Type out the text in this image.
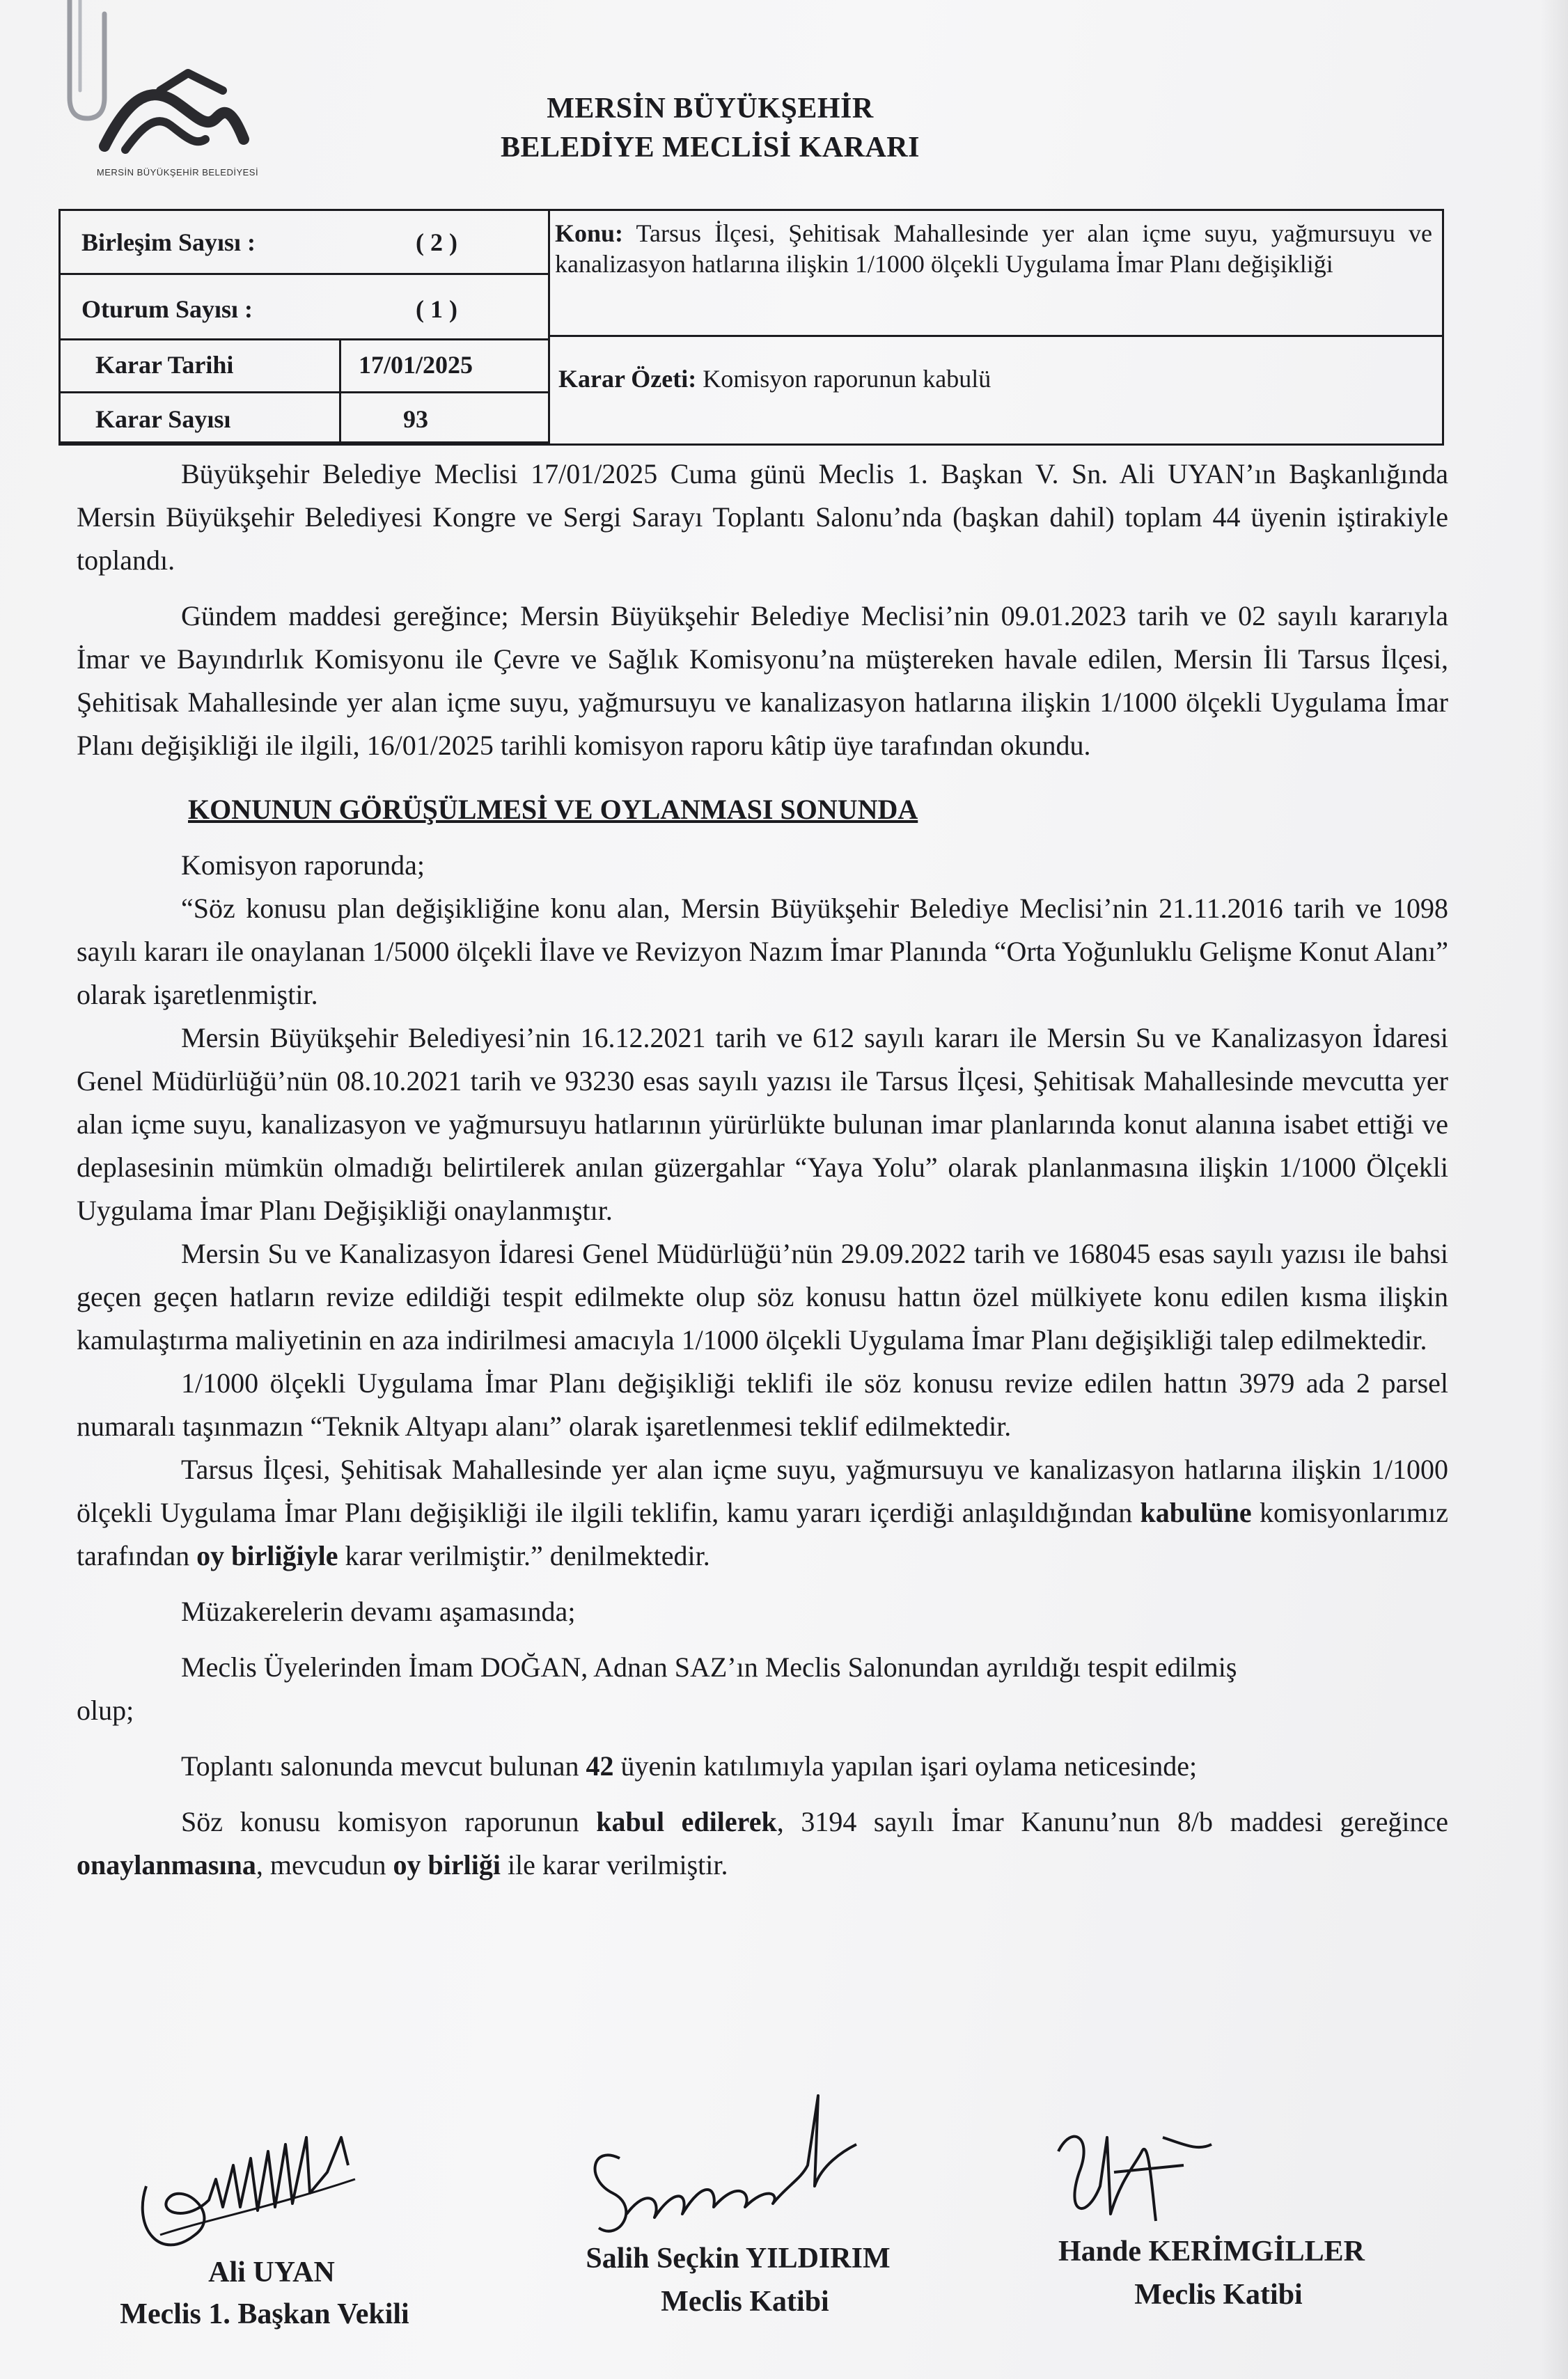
MERSİN BÜYÜKŞEHİR BELEDİYESİ
MERSİN BÜYÜKŞEHİR
BELEDİYE MECLİSİ KARARI
Birleşim Sayısı :	( 2 )
Oturum Sayısı :	( 1 )
Karar Tarihi	17/01/2025
Karar Sayısı	93
Konu: Tarsus İlçesi, Şehitisak Mahallesinde yer alan içme suyu, yağmursuyu ve kanalizasyon hatlarına ilişkin 1/1000 ölçekli Uygulama İmar Planı değişikliği
Karar Özeti: Komisyon raporunun kabulü

Büyükşehir Belediye Meclisi 17/01/2025 Cuma günü Meclis 1. Başkan V. Sn. Ali UYAN’ın Başkanlığında Mersin Büyükşehir Belediyesi Kongre ve Sergi Sarayı Toplantı Salonu’nda (başkan dahil) toplam 44 üyenin iştirakiyle toplandı.

Gündem maddesi gereğince; Mersin Büyükşehir Belediye Meclisi’nin 09.01.2023 tarih ve 02 sayılı kararıyla İmar ve Bayındırlık Komisyonu ile Çevre ve Sağlık Komisyonu’na müştereken havale edilen, Mersin İli Tarsus İlçesi, Şehitisak Mahallesinde yer alan içme suyu, yağmursuyu ve kanalizasyon hatlarına ilişkin 1/1000 ölçekli Uygulama İmar Planı değişikliği ile ilgili, 16/01/2025 tarihli komisyon raporu kâtip üye tarafından okundu.

KONUNUN GÖRÜŞÜLMESİ VE OYLANMASI SONUNDA

Komisyon raporunda;

“Söz konusu plan değişikliğine konu alan, Mersin Büyükşehir Belediye Meclisi’nin 21.11.2016 tarih ve 1098 sayılı kararı ile onaylanan 1/5000 ölçekli İlave ve Revizyon Nazım İmar Planında “Orta Yoğunluklu Gelişme Konut Alanı” olarak işaretlenmiştir.

Mersin Büyükşehir Belediyesi’nin 16.12.2021 tarih ve 612 sayılı kararı ile Mersin Su ve Kanalizasyon İdaresi Genel Müdürlüğü’nün 08.10.2021 tarih ve 93230 esas sayılı yazısı ile Tarsus İlçesi, Şehitisak Mahallesinde mevcutta yer alan içme suyu, kanalizasyon ve yağmursuyu hatlarının yürürlükte bulunan imar planlarında konut alanına isabet ettiği ve deplasesinin mümkün olmadığı belirtilerek anılan güzergahlar “Yaya Yolu” olarak planlanmasına ilişkin 1/1000 Ölçekli Uygulama İmar Planı Değişikliği onaylanmıştır.

Mersin Su ve Kanalizasyon İdaresi Genel Müdürlüğü’nün 29.09.2022 tarih ve 168045 esas sayılı yazısı ile bahsi geçen geçen hatların revize edildiği tespit edilmekte olup söz konusu hattın özel mülkiyete konu edilen kısma ilişkin kamulaştırma maliyetinin en aza indirilmesi amacıyla 1/1000 ölçekli Uygulama İmar Planı değişikliği talep edilmektedir.

1/1000 ölçekli Uygulama İmar Planı değişikliği teklifi ile söz konusu revize edilen hattın 3979 ada 2 parsel numaralı taşınmazın “Teknik Altyapı alanı” olarak işaretlenmesi teklif edilmektedir.

Tarsus İlçesi, Şehitisak Mahallesinde yer alan içme suyu, yağmursuyu ve kanalizasyon hatlarına ilişkin 1/1000 ölçekli Uygulama İmar Planı değişikliği ile ilgili teklifin, kamu yararı içerdiği anlaşıldığından kabulüne komisyonlarımız tarafından oy birliğiyle karar verilmiştir.” denilmektedir.

Müzakerelerin devamı aşamasında;

Meclis Üyelerinden İmam DOĞAN, Adnan SAZ’ın Meclis Salonundan ayrıldığı tespit edilmiş

olup;

Toplantı salonunda mevcut bulunan 42 üyenin katılımıyla yapılan işari oylama neticesinde;

Söz konusu komisyon raporunun kabul edilerek, 3194 sayılı İmar Kanunu’nun 8/b maddesi gereğince onaylanmasına, mevcudun oy birliği ile karar verilmiştir.

Ali UYAN
Meclis 1. Başkan Vekili
Salih Seçkin YILDIRIM
Meclis Katibi
Hande KERİMGİLLER
Meclis Katibi
